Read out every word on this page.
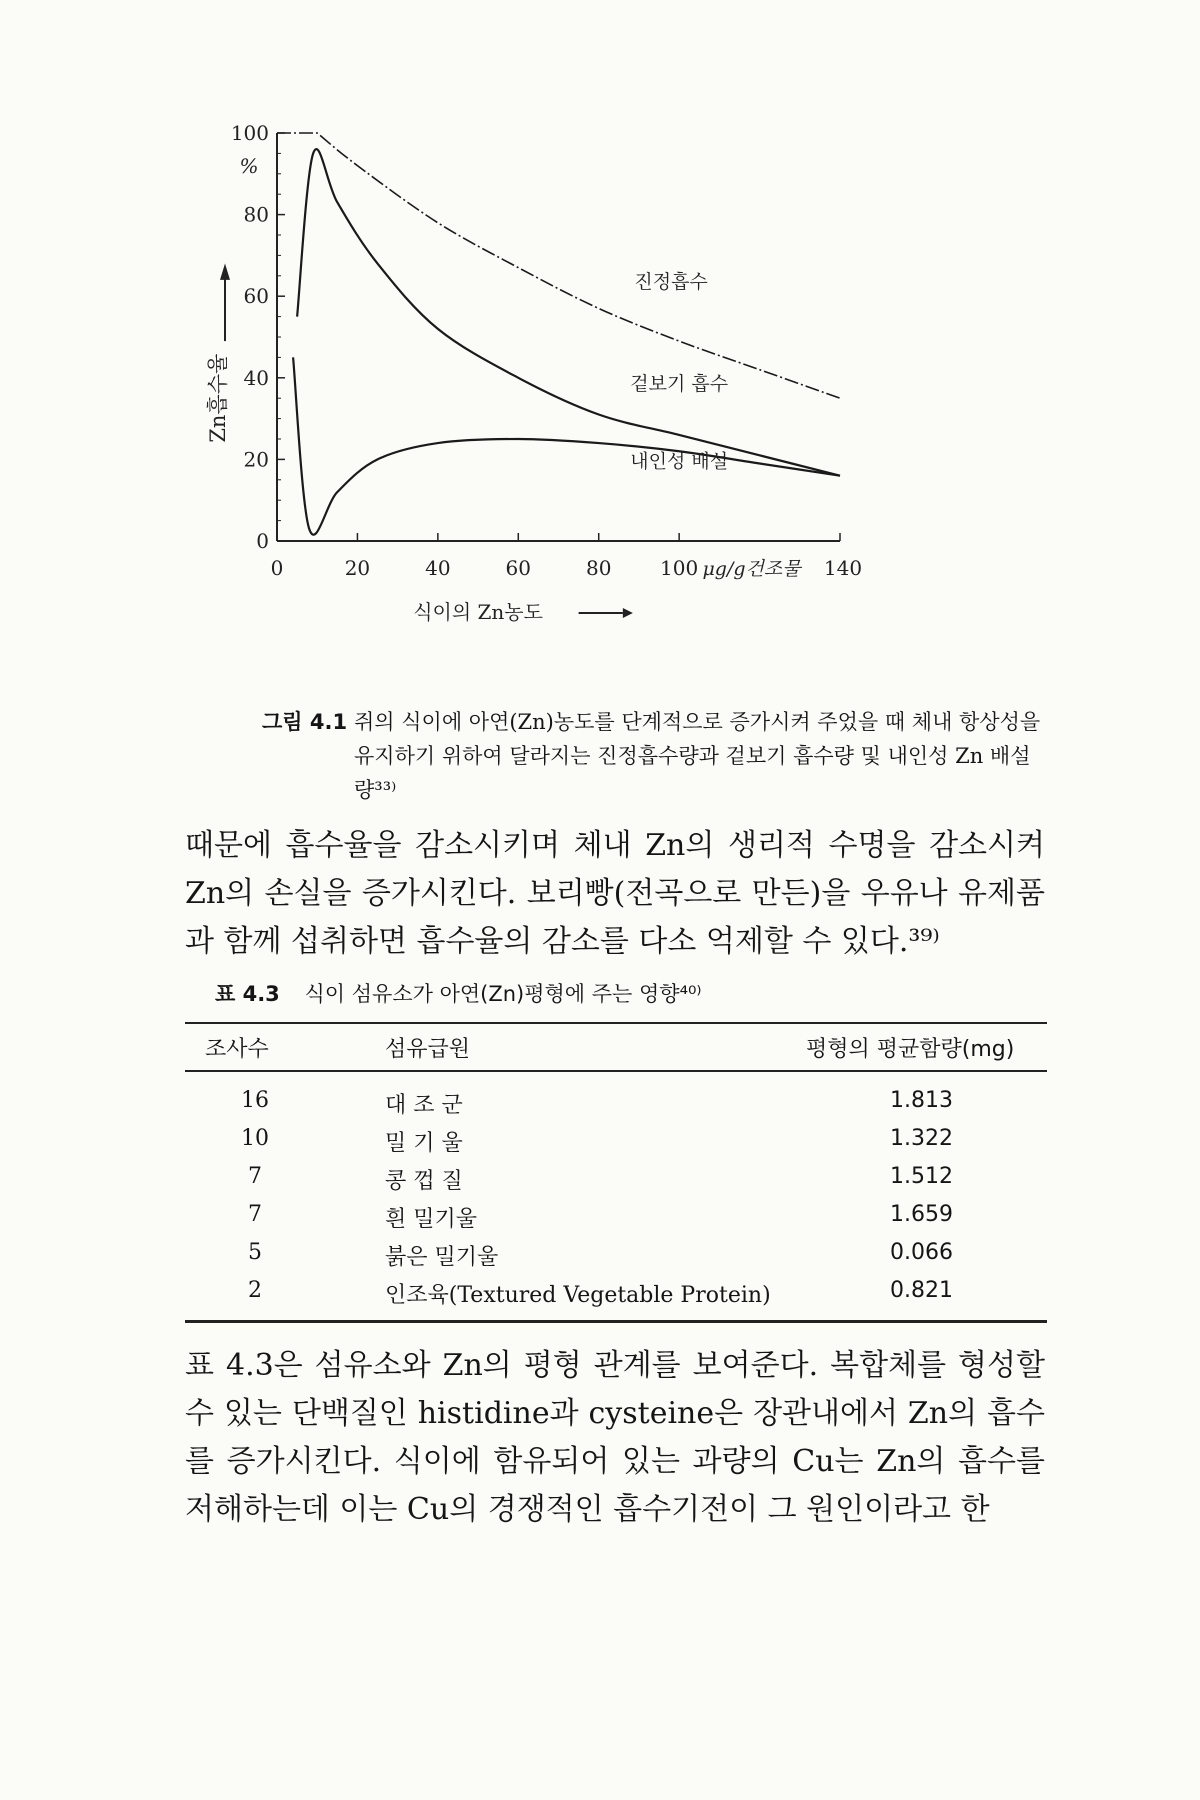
0
20
40
60
80
100
%
Zn흡수율
0	20	40	60	80 100	140
μg/g건조물
식이의 Zn농도
진정흡수
겉보기 흡수
내인성 배설
그림 4.1 쥐의 식이에 아연(Zn)농도를 단계적으로 증가시켜 주었을 때 체내 항상성을 유지하기 위하여 달라지는 진정흡수량과 겉보기 흡수량 및 내인성 Zn 배설량³³⁾
때문에 흡수율을 감소시키며 체내 Zn의 생리적 수명을 감소시켜 Zn의 손실을 증가시킨다. 보리빵(전곡으로 만든)을 우유나 유제품과 함께 섭취하면 흡수율의 감소를 다소 억제할 수 있다.³⁹⁾
표 4.3 식이 섬유소가 아연(Zn)평형에 주는 영향⁴⁰⁾
조사수	섬유급원	평형의 평균함량(mg)
16	대 조 군	1.813
10	밀 기 울	1.322
7	콩 껍 질	1.512
7	흰 밀기울	1.659
5	붉은 밀기울	0.066
2	인조육(Textured Vegetable Protein)	0.821
표 4.3은 섬유소와 Zn의 평형 관계를 보여준다. 복합체를 형성할 수 있는 단백질인 histidine과 cysteine은 장관내에서 Zn의 흡수를 증가시킨다. 식이에 함유되어 있는 과량의 Cu는 Zn의 흡수를 저해하는데 이는 Cu의 경쟁적인 흡수기전이 그 원인이라고 한
